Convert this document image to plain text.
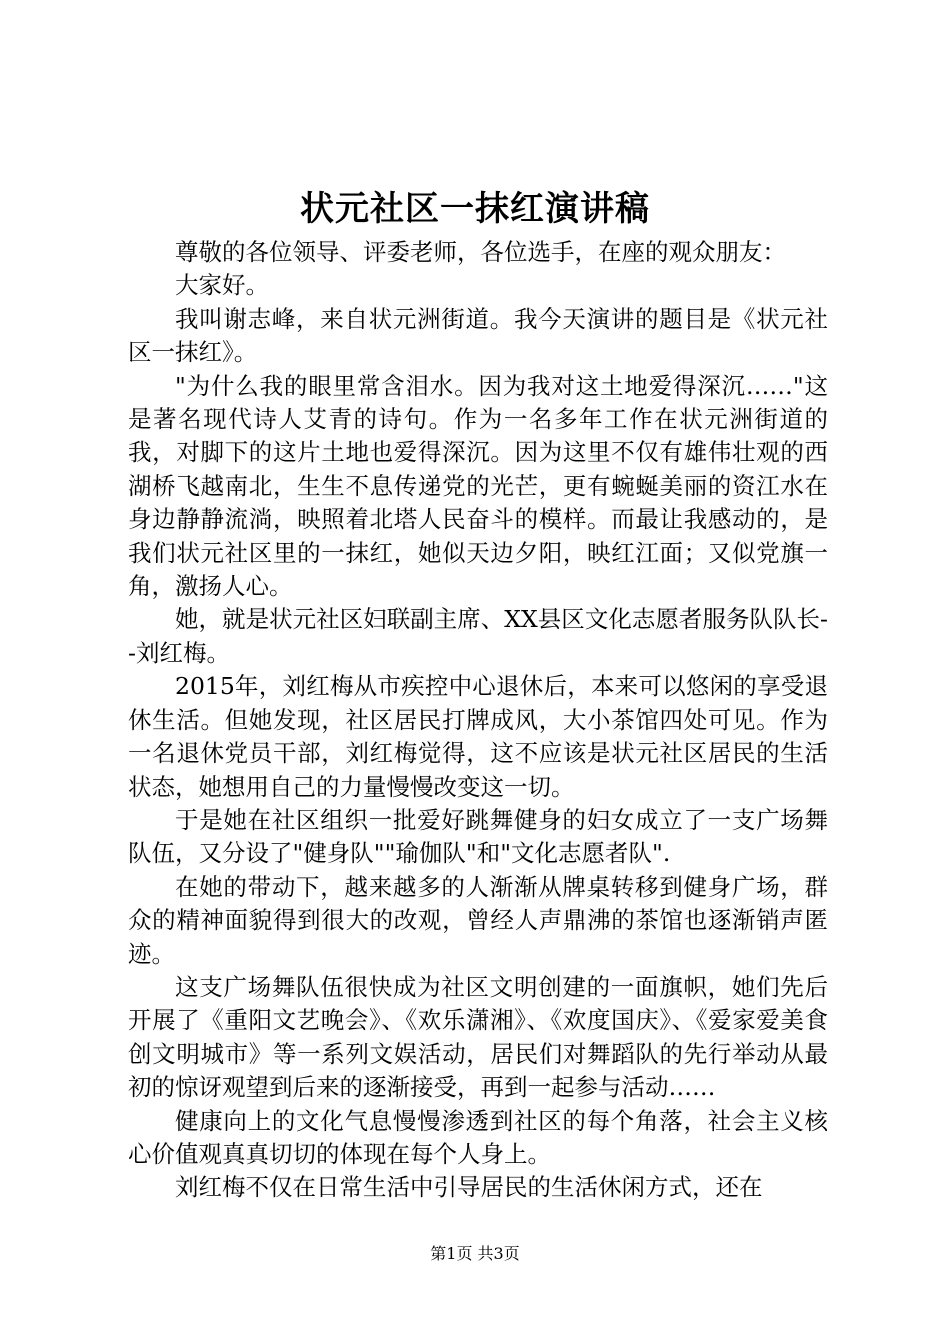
状元社区一抹红演讲稿

尊敬的各位领导、评委老师，各位选手，在座的观众朋友：

大家好。

我叫谢志峰，来自状元洲街道。我今天演讲的题目是《状元社区一抹红》。

"为什么我的眼里常含泪水。因为我对这土地爱得深沉……"这是著名现代诗人艾青的诗句。作为一名多年工作在状元洲街道的我，对脚下的这片土地也爱得深沉。因为这里不仅有雄伟壮观的西湖桥飞越南北，生生不息传递党的光芒，更有蜿蜒美丽的资江水在身边静静流淌，映照着北塔人民奋斗的模样。而最让我感动的，是我们状元社区里的一抹红，她似天边夕阳，映红江面；又似党旗一角，激扬人心。

她，就是状元社区妇联副主席、XX县区文化志愿者服务队队长--刘红梅。

2015年，刘红梅从市疾控中心退休后，本来可以悠闲的享受退休生活。但她发现，社区居民打牌成风，大小茶馆四处可见。作为一名退休党员干部，刘红梅觉得，这不应该是状元社区居民的生活状态，她想用自己的力量慢慢改变这一切。

于是她在社区组织一批爱好跳舞健身的妇女成立了一支广场舞队伍，又分设了"健身队""瑜伽队"和"文化志愿者队".

在她的带动下，越来越多的人渐渐从牌桌转移到健身广场，群众的精神面貌得到很大的改观，曾经人声鼎沸的茶馆也逐渐销声匿迹。

这支广场舞队伍很快成为社区文明创建的一面旗帜，她们先后开展了《重阳文艺晚会》、《欢乐潇湘》、《欢度国庆》、《爱家爱美食创文明城市》等一系列文娱活动，居民们对舞蹈队的先行举动从最初的惊讶观望到后来的逐渐接受，再到一起参与活动……

健康向上的文化气息慢慢渗透到社区的每个角落，社会主义核心价值观真真切切的体现在每个人身上。

刘红梅不仅在日常生活中引导居民的生活休闲方式，还在

第1页 共3页
